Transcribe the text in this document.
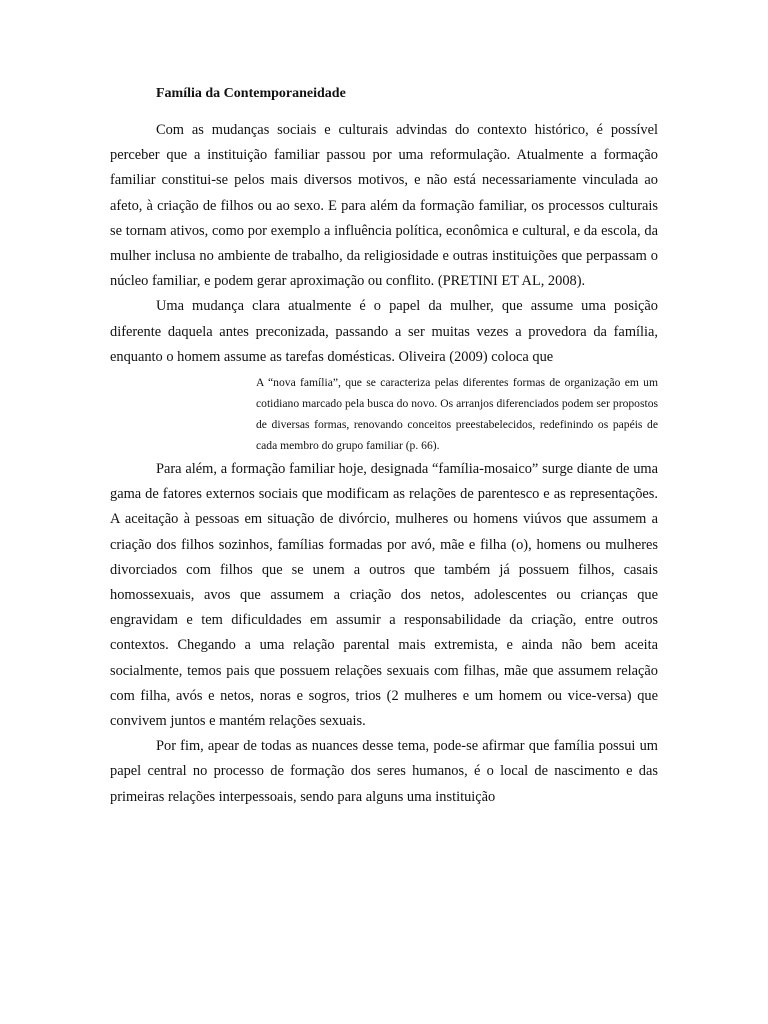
Família da Contemporaneidade

Com as mudanças sociais e culturais advindas do contexto histórico, é possível perceber que a instituição familiar passou por uma reformulação. Atualmente a formação familiar constitui-se pelos mais diversos motivos, e não está necessariamente vinculada ao afeto, à criação de filhos ou ao sexo. E para além da formação familiar, os processos culturais se tornam ativos, como por exemplo a influência política, econômica e cultural, e da escola, da mulher inclusa no ambiente de trabalho, da religiosidade e outras instituições que perpassam o núcleo familiar, e podem gerar aproximação ou conflito. (PRETINI ET AL, 2008).

Uma mudança clara atualmente é o papel da mulher, que assume uma posição diferente daquela antes preconizada, passando a ser muitas vezes a provedora da família, enquanto o homem assume as tarefas domésticas. Oliveira (2009) coloca que

A “nova família”, que se caracteriza pelas diferentes formas de organização em um cotidiano marcado pela busca do novo. Os arranjos diferenciados podem ser propostos de diversas formas, renovando conceitos preestabelecidos, redefinindo os papéis de cada membro do grupo familiar (p. 66).

Para além, a formação familiar hoje, designada “família-mosaico” surge diante de uma gama de fatores externos sociais que modificam as relações de parentesco e as representações. A aceitação à pessoas em situação de divórcio, mulheres ou homens viúvos que assumem a criação dos filhos sozinhos, famílias formadas por avó, mãe e filha (o), homens ou mulheres divorciados com filhos que se unem a outros que também já possuem filhos, casais homossexuais, avos que assumem a criação dos netos, adolescentes ou crianças que engravidam e tem dificuldades em assumir a responsabilidade da criação, entre outros contextos. Chegando a uma relação parental mais extremista, e ainda não bem aceita socialmente, temos pais que possuem relações sexuais com filhas, mãe que assumem relação com filha, avós e netos, noras e sogros, trios (2 mulheres e um homem ou vice-versa) que convivem juntos e mantém relações sexuais.

Por fim, apear de todas as nuances desse tema, pode-se afirmar que família possui um papel central no processo de formação dos seres humanos, é o local de nascimento e das primeiras relações interpessoais, sendo para alguns uma instituição
